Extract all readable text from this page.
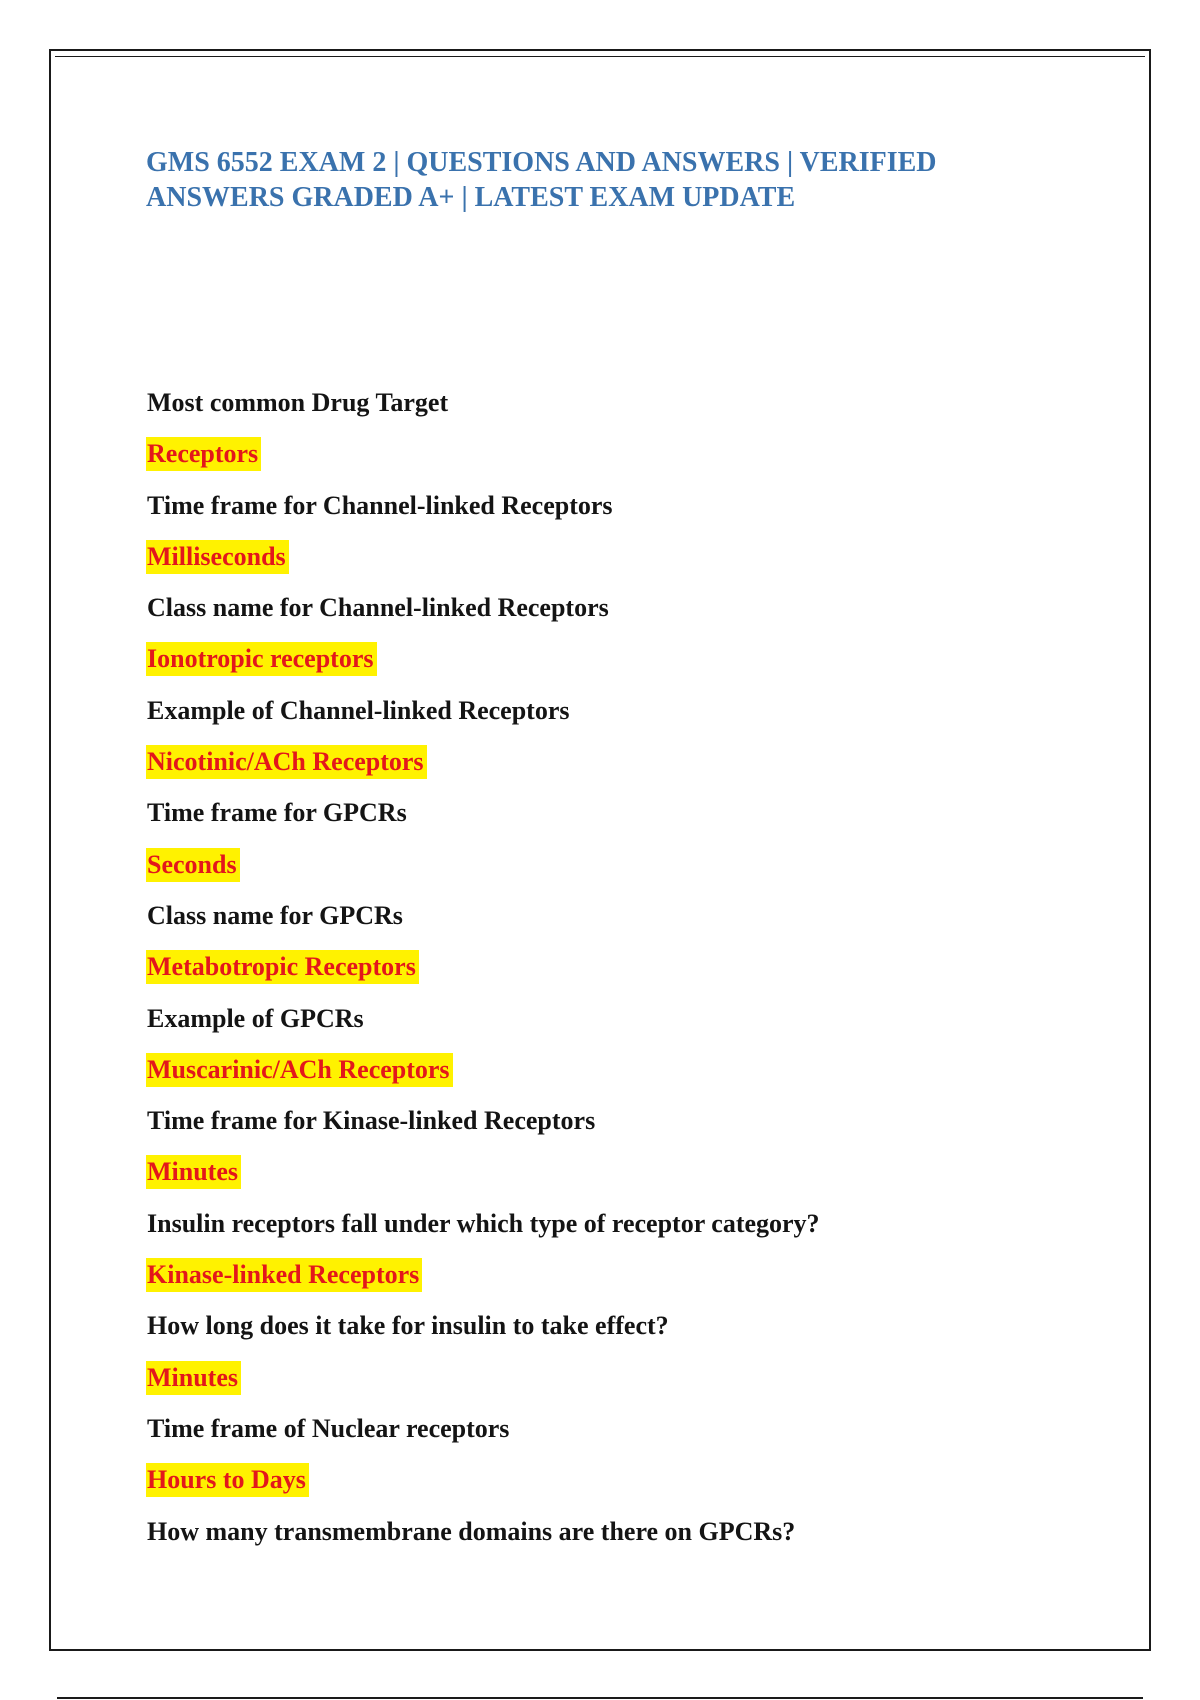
GMS 6552 EXAM 2 | QUESTIONS AND ANSWERS | VERIFIED
ANSWERS GRADED A+ | LATEST EXAM UPDATE
Most common Drug Target
Receptors
Time frame for Channel-linked Receptors
Milliseconds
Class name for Channel-linked Receptors
Ionotropic receptors
Example of Channel-linked Receptors
Nicotinic/ACh Receptors
Time frame for GPCRs
Seconds
Class name for GPCRs
Metabotropic Receptors
Example of GPCRs
Muscarinic/ACh Receptors
Time frame for Kinase-linked Receptors
Minutes
Insulin receptors fall under which type of receptor category?
Kinase-linked Receptors
How long does it take for insulin to take effect?
Minutes
Time frame of Nuclear receptors
Hours to Days
How many transmembrane domains are there on GPCRs?
